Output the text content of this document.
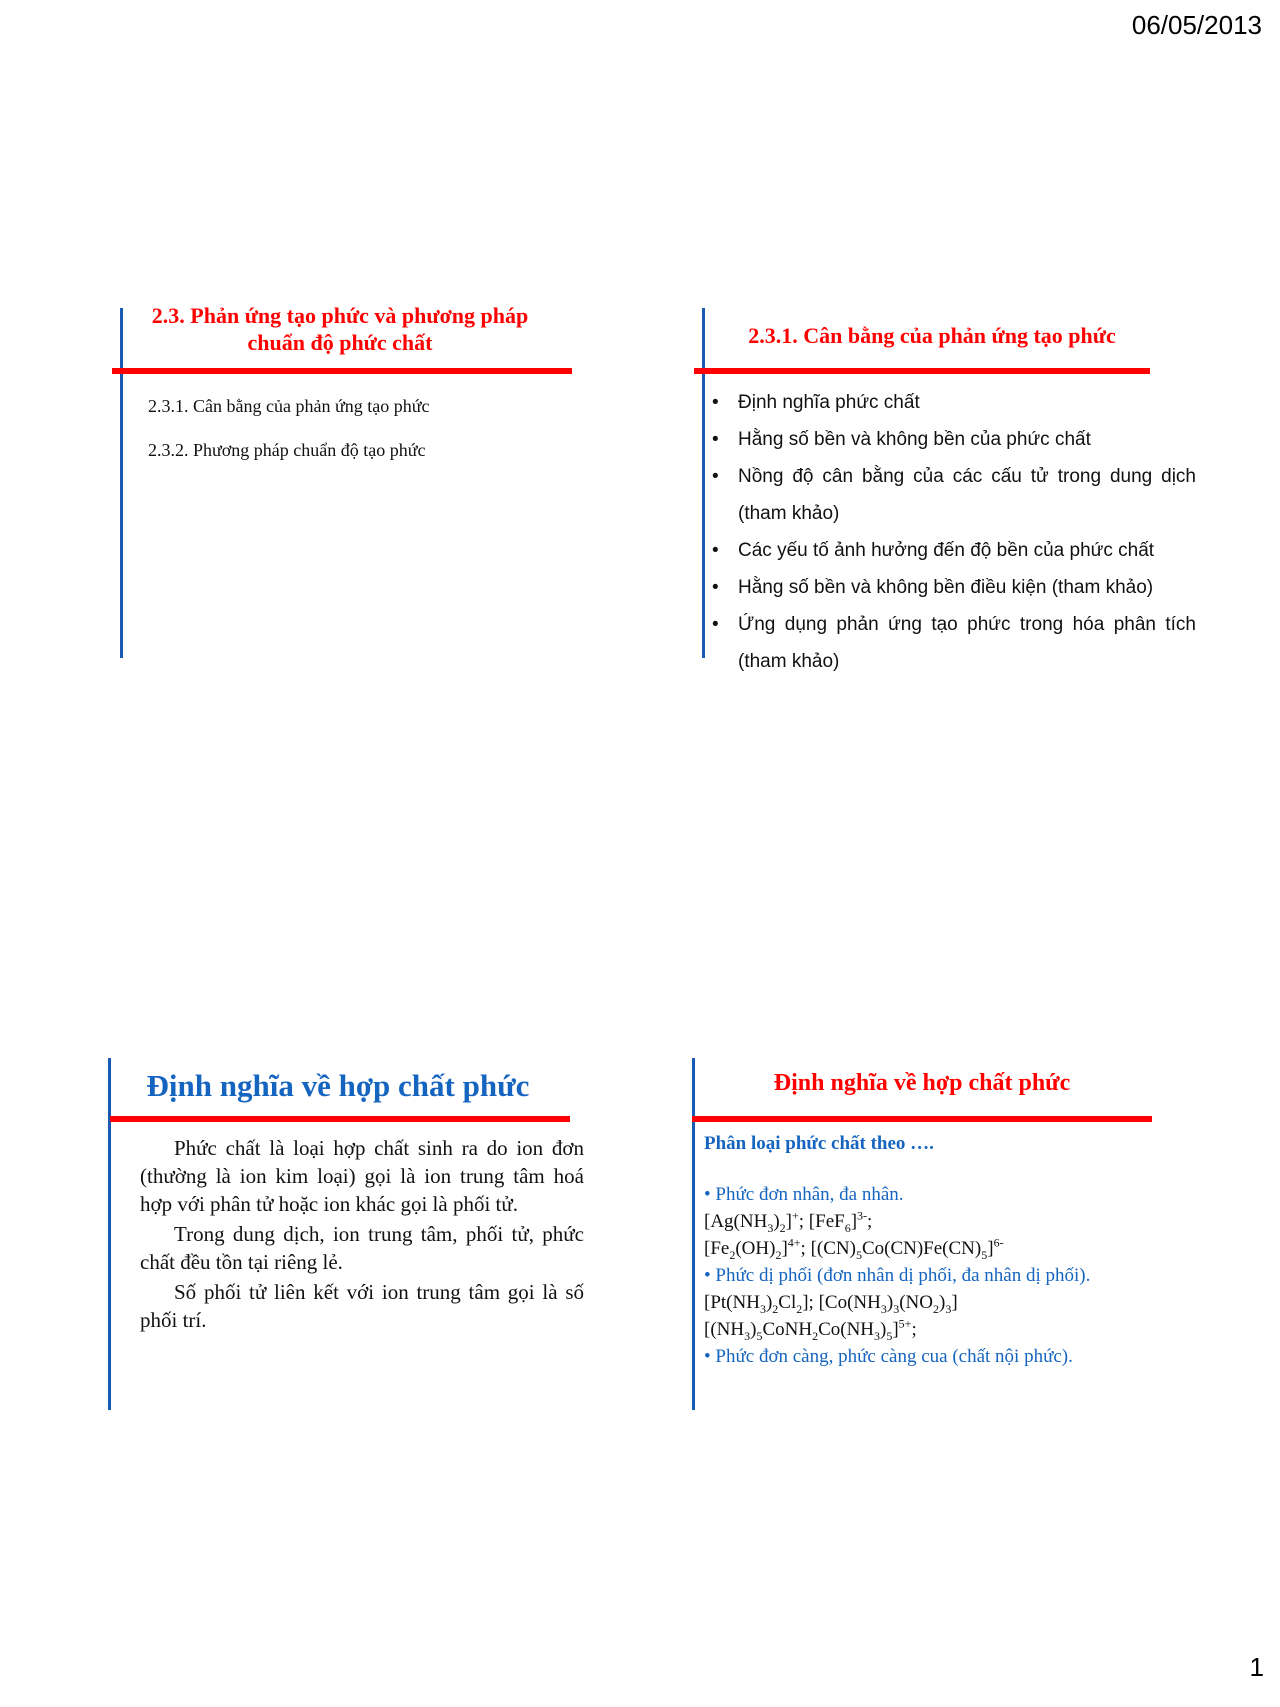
06/05/2013
2.3. Phản ứng tạo phức và phương pháp chuẩn độ phức chất
2.3.1. Cân bằng của phản ứng tạo phức
2.3.2. Phương pháp chuẩn độ tạo phức
2.3.1. Cân bằng của phản ứng tạo phức
• Định nghĩa phức chất
• Hằng số bền và không bền của phức chất
• Nồng độ cân bằng của các cấu tử trong dung dịch (tham khảo)
• Các yếu tố ảnh hưởng đến độ bền của phức chất
• Hằng số bền và không bền điều kiện (tham khảo)
• Ứng dụng phản ứng tạo phức trong hóa phân tích (tham khảo)
Định nghĩa về hợp chất phức

Phức chất là loại hợp chất sinh ra do ion đơn (thường là ion kim loại) gọi là ion trung tâm hoá hợp với phân tử hoặc ion khác gọi là phối tử.

Trong dung dịch, ion trung tâm, phối tử, phức chất đều tồn tại riêng lẻ.

Số phối tử liên kết với ion trung tâm gọi là số phối trí.

Định nghĩa về hợp chất phức
Phân loại phức chất theo ….
• Phức đơn nhân, đa nhân.
$[Ag(NH_3)_2]^+$; $[FeF_6]^{3-}$;
$[Fe_2(OH)_2]^{4+}$; $[(CN)_5Co(CN)Fe(CN)_5]^{6-}$
• Phức dị phối (đơn nhân dị phối, đa nhân dị phối).
$[Pt(NH_3)_2Cl_2]$; $[Co(NH_3)_3(NO_2)_3]$
$[(NH_3)_5CoNH_2Co(NH_3)_5]^{5+}$;
• Phức đơn càng, phức càng cua (chất nội phức).
1
